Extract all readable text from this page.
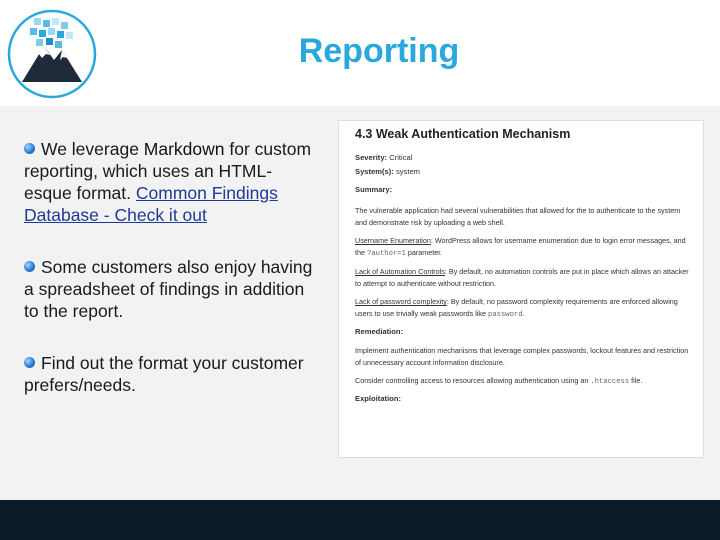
Reporting
We leverage Markdown for custom reporting, which uses an HTML-esque format. Common Findings Database - Check it out
Some customers also enjoy having a spreadsheet of findings in addition to the report.
Find out the format your customer prefers/needs.
4.3 Weak Authentication Mechanism
Severity: Critical
System(s): systеm
Summary:
The vulnerable application had several vulnerabilities that allowed for the to authenticate to the system and demonstrate risk by uploading a web shell.
Username Enumeration: WordPress allows for username enumeration due to login error messages, and the ?author=1 parameter.
Lack of Automation Controls: By default, no automation controls are put in place which allows an attacker to attempt to authenticate without restriction.
Lack of password complexity: By default, no password complexity requirements are enforced allowing users to use trivially weak passwords like password.
Remediation:
Implement authentication mechanisms that leverage complex passwords, lockout features and restriction of unnecessary account information disclosure.
Consider controlling access to resources allowing authentication using an .htaccess file.
Exploitation:
